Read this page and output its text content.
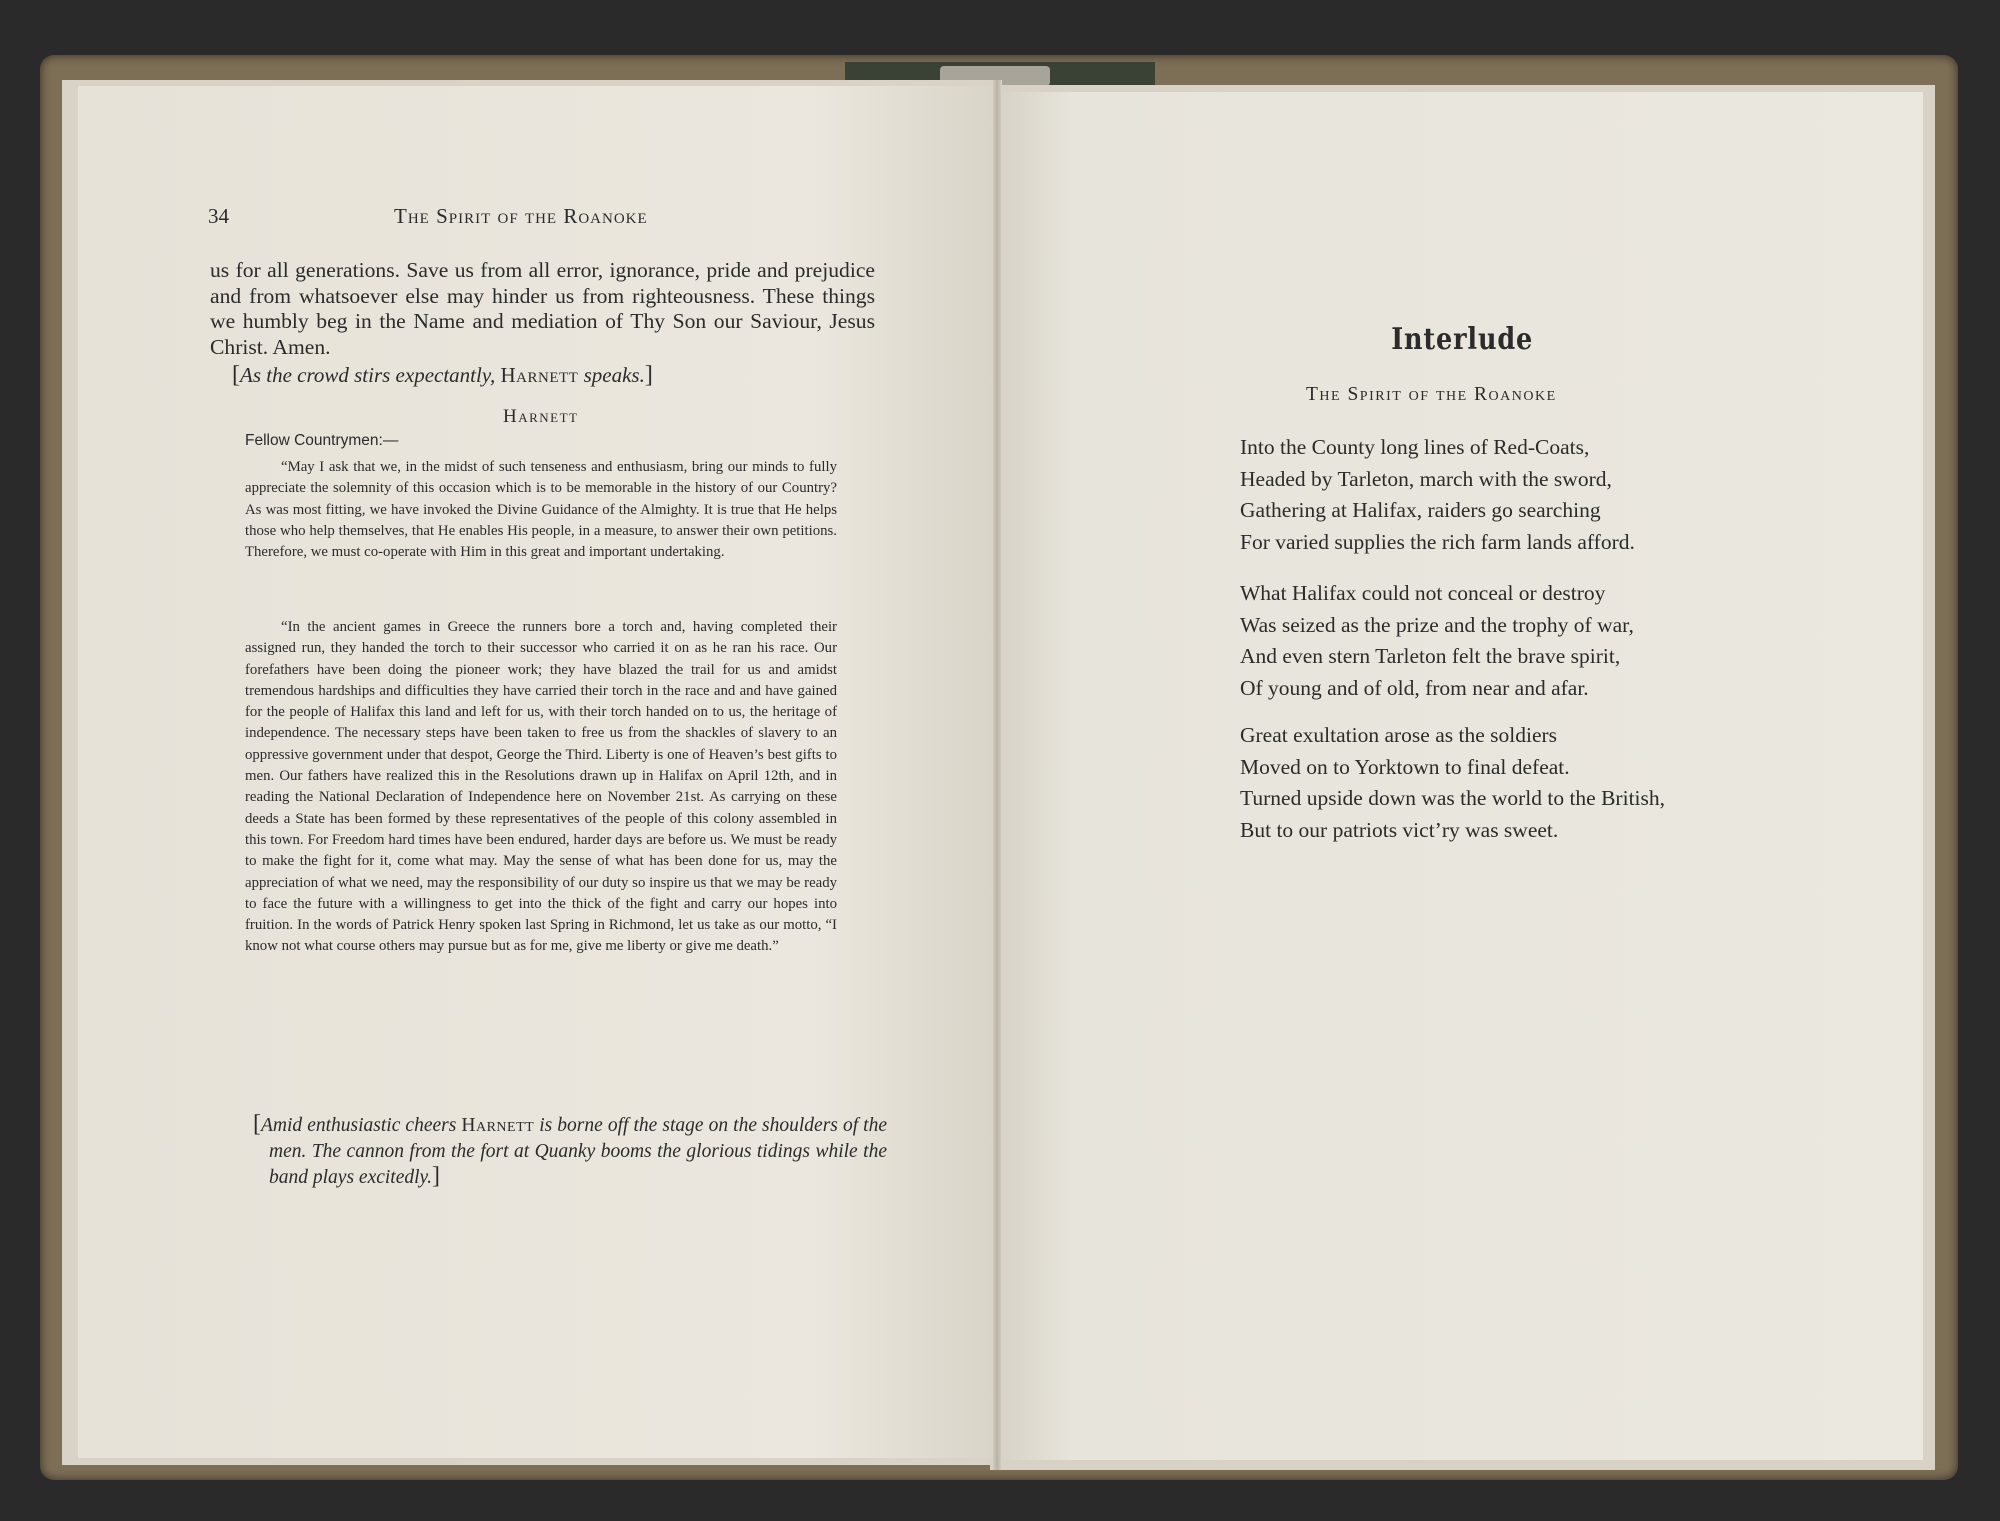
34	The Spirit of the Roanoke
us for all generations. Save us from all error, ignorance, pride and prejudice and from whatsoever else may hinder us from righteousness. These things we humbly beg in the Name and mediation of Thy Son our Saviour, Jesus Christ. Amen.
[As the crowd stirs expectantly, Harnett speaks.]
Harnett
Fellow Countrymen:—
“May I ask that we, in the midst of such tenseness and enthusiasm, bring our minds to fully appreciate the solemnity of this occasion which is to be memorable in the history of our Country? As was most fitting, we have invoked the Divine Guidance of the Almighty. It is true that He helps those who help themselves, that He enables His people, in a measure, to answer their own petitions. Therefore, we must co-operate with Him in this great and important undertaking.
“In the ancient games in Greece the runners bore a torch and, having completed their assigned run, they handed the torch to their successor who carried it on as he ran his race. Our forefathers have been doing the pioneer work; they have blazed the trail for us and amidst tremendous hardships and difficulties they have carried their torch in the race and and have gained for the people of Halifax this land and left for us, with their torch handed on to us, the heritage of independence. The necessary steps have been taken to free us from the shackles of slavery to an oppressive government under that despot, George the Third. Liberty is one of Heaven’s best gifts to men. Our fathers have realized this in the Resolutions drawn up in Halifax on April 12th, and in reading the National Declaration of Independence here on November 21st. As carrying on these deeds a State has been formed by these representatives of the people of this colony assembled in this town. For Freedom hard times have been endured, harder days are before us. We must be ready to make the fight for it, come what may. May the sense of what has been done for us, may the appreciation of what we need, may the responsibility of our duty so inspire us that we may be ready to face the future with a willingness to get into the thick of the fight and carry our hopes into fruition. In the words of Patrick Henry spoken last Spring in Richmond, let us take as our motto, “I know not what course others may pursue but as for me, give me liberty or give me death.”
[Amid enthusiastic cheers Harnett is borne off the stage on the shoulders of the men. The cannon from the fort at Quanky booms the glorious tidings while the band plays excitedly.]
Interlude
The Spirit of the Roanoke
Into the County long lines of Red-Coats,
Headed by Tarleton, march with the sword,
Gathering at Halifax, raiders go searching
For varied supplies the rich farm lands afford.
What Halifax could not conceal or destroy
Was seized as the prize and the trophy of war,
And even stern Tarleton felt the brave spirit,
Of young and of old, from near and afar.
Great exultation arose as the soldiers
Moved on to Yorktown to final defeat.
Turned upside down was the world to the British,
But to our patriots vict’ry was sweet.
